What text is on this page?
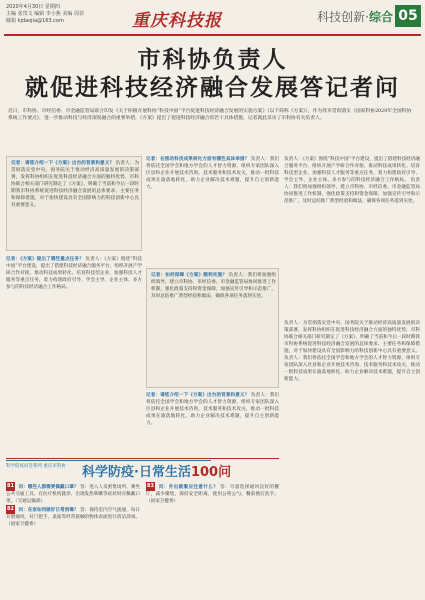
2020年4月30日 星期四
主编 张贵文 编辑 李小燕 美编 周菲
邮箱 kjdaojia@163.com	重庆科技报	科技创新·综合 05
市科协负责人
就促进科技经济融合发展答记者问
近日，市科协、市经信委、市金融监管局联合印发《关于积极开展科协“科技中国”平台促进科技经济融合发展的实施方案》（以下简称《方案》），作为我市贯彻落实《国家科协2020年全国科协系统工作要点》，进一步推动科技与经济深度融合的重要举措，《方案》提出了促进科技经济融合的若干具体措施，记者就此采访了市科协有关负责人。
记者：请您介绍一下《方案》出台的背景和意义？ 负责人：为贯彻落实党中央、国务院关于推动经济高质量发展的决策部署，发挥科协组织在促进科技经济融合方面的独特优势，市科协联合相关部门研究制定了《方案》，明确了当前和今后一段时期我市科协系统促进科技经济融合发展的总体要求、主要任务和保障措施，对于加快建设具有全国影响力的科技创新中心具有重要意义。
记者：《方案》提出了哪些重点任务？ 负责人：《方案》围绕“科技中国”平台建设，提出了搭建科技经济融合服务平台、组织开展产学研合作对接、推动科技成果转化、培育科技型企业、加强科技人才服务等重点任务，着力构建政府引导、学会主导、企业主体、多方参与的科技经济融合工作格局。
记者：在推动科技成果转化方面有哪些具体举措？ 负责人：我们将依托全国学会和地方学会的人才智力资源，组织专家团队深入区县和企业开展技术咨询、技术服务和技术攻关，推动一批科技成果在渝落地转化，助力企业解决技术难题，提升自主创新能力。
记者：如何保障《方案》顺利实施？ 负责人：我们将加强组织领导，建立市科协、市经信委、市金融监管局协同推进工作机制，强化政策支持和资金保障，加强宣传引导和示范推广，及时总结推广典型经验和做法，确保各项任务落到实处。
记者：请您介绍一下《方案》出台的背景和意义？ 负责人：我们将依托全国学会和地方学会的人才智力资源，组织专家团队深入区县和企业开展技术咨询、技术服务和技术攻关，推动一批科技成果在渝落地转化，助力企业解决技术难题，提升自主创新能力。
负责人：《方案》围绕“科技中国”平台建设，提出了搭建科技经济融合服务平台、组织开展产学研合作对接、推动科技成果转化、培育科技型企业、加强科技人才服务等重点任务，着力构建政府引导、学会主导、企业主体、多方参与的科技经济融合工作格局。 负责人：我们将加强组织领导，建立市科协、市经信委、市金融监管局协同推进工作机制，强化政策支持和资金保障，加强宣传引导和示范推广，及时总结推广典型经验和做法，确保各项任务落到实处。
负责人：为贯彻落实党中央、国务院关于推动经济高质量发展的决策部署，发挥科协组织在促进科技经济融合方面的独特优势，市科协联合相关部门研究制定了《方案》，明确了当前和今后一段时期我市科协系统促进科技经济融合发展的总体要求、主要任务和保障措施，对于加快建设具有全国影响力的科技创新中心具有重要意义。 负责人：我们将依托全国学会和地方学会的人才智力资源，组织专家团队深入区县和企业开展技术咨询、技术服务和技术攻关，推动一批科技成果在渝落地转化，助力企业解决技术难题，提升自主创新能力。
科学防疫问答系列 重庆市科协 科学防疫·日常生活100问
81 问：哪些人群需要佩戴口罩？ 答：进入人员密集场所、乘坐公共交通工具、在医疗机构就诊、出现发热咳嗽等症状时应佩戴口罩。（交通运输部）
82 问：在家如何做好日常消毒？ 答：保持室内空气流通，每日开窗通风，对门把手、桌面等经常接触的物体表面进行清洁消毒。（国家卫健委）
83 问：外出就餐应注意什么？ 答：尽量选择通风良好的餐厅，减少聚集，保持安全距离，使用公筷公勺，餐前便后洗手。（国家卫健委）
